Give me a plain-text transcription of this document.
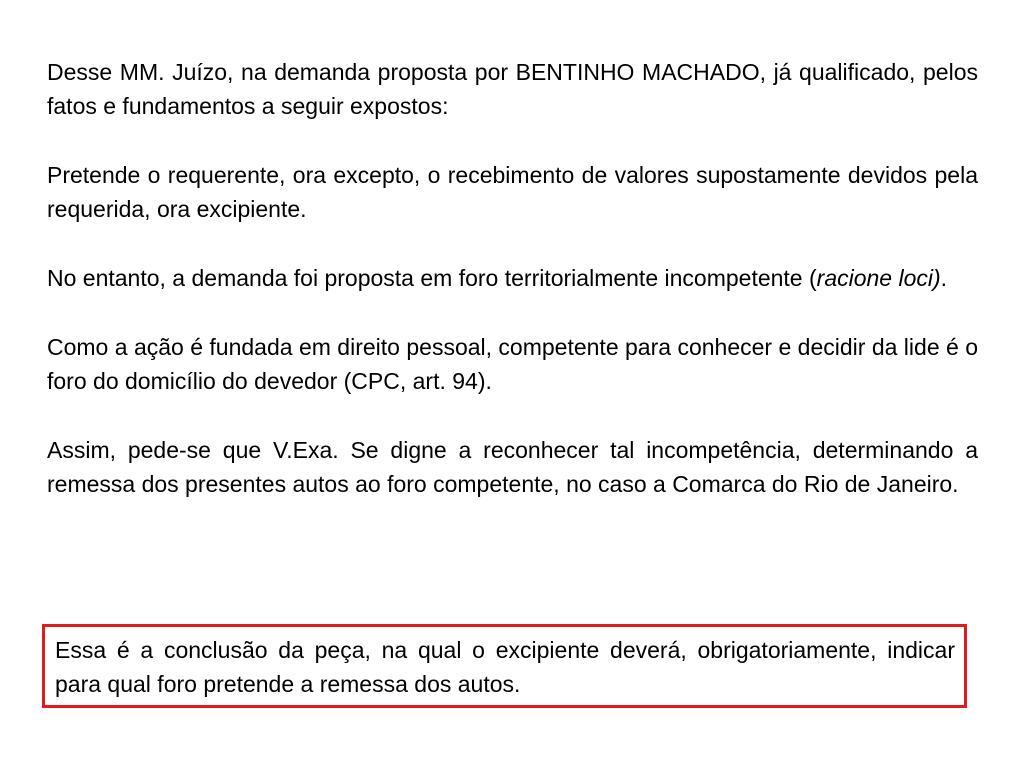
Desse MM. Juízo, na demanda proposta por BENTINHO MACHADO, já qualificado, pelos fatos e fundamentos a seguir expostos:

Pretende o requerente, ora excepto, o recebimento de valores supostamente devidos pela requerida, ora excipiente.

No entanto, a demanda foi proposta em foro territorialmente incompetente (racione loci).

Como a ação é fundada em direito pessoal, competente para conhecer e decidir da lide é o foro do domicílio do devedor (CPC, art. 94).

Assim, pede-se que V.Exa. Se digne a reconhecer tal incompetência, determinando a remessa dos presentes autos ao foro competente, no caso a Comarca do Rio de Janeiro.

Essa é a conclusão da peça, na qual o excipiente deverá, obrigatoriamente, indicar para qual foro pretende a remessa dos autos.
